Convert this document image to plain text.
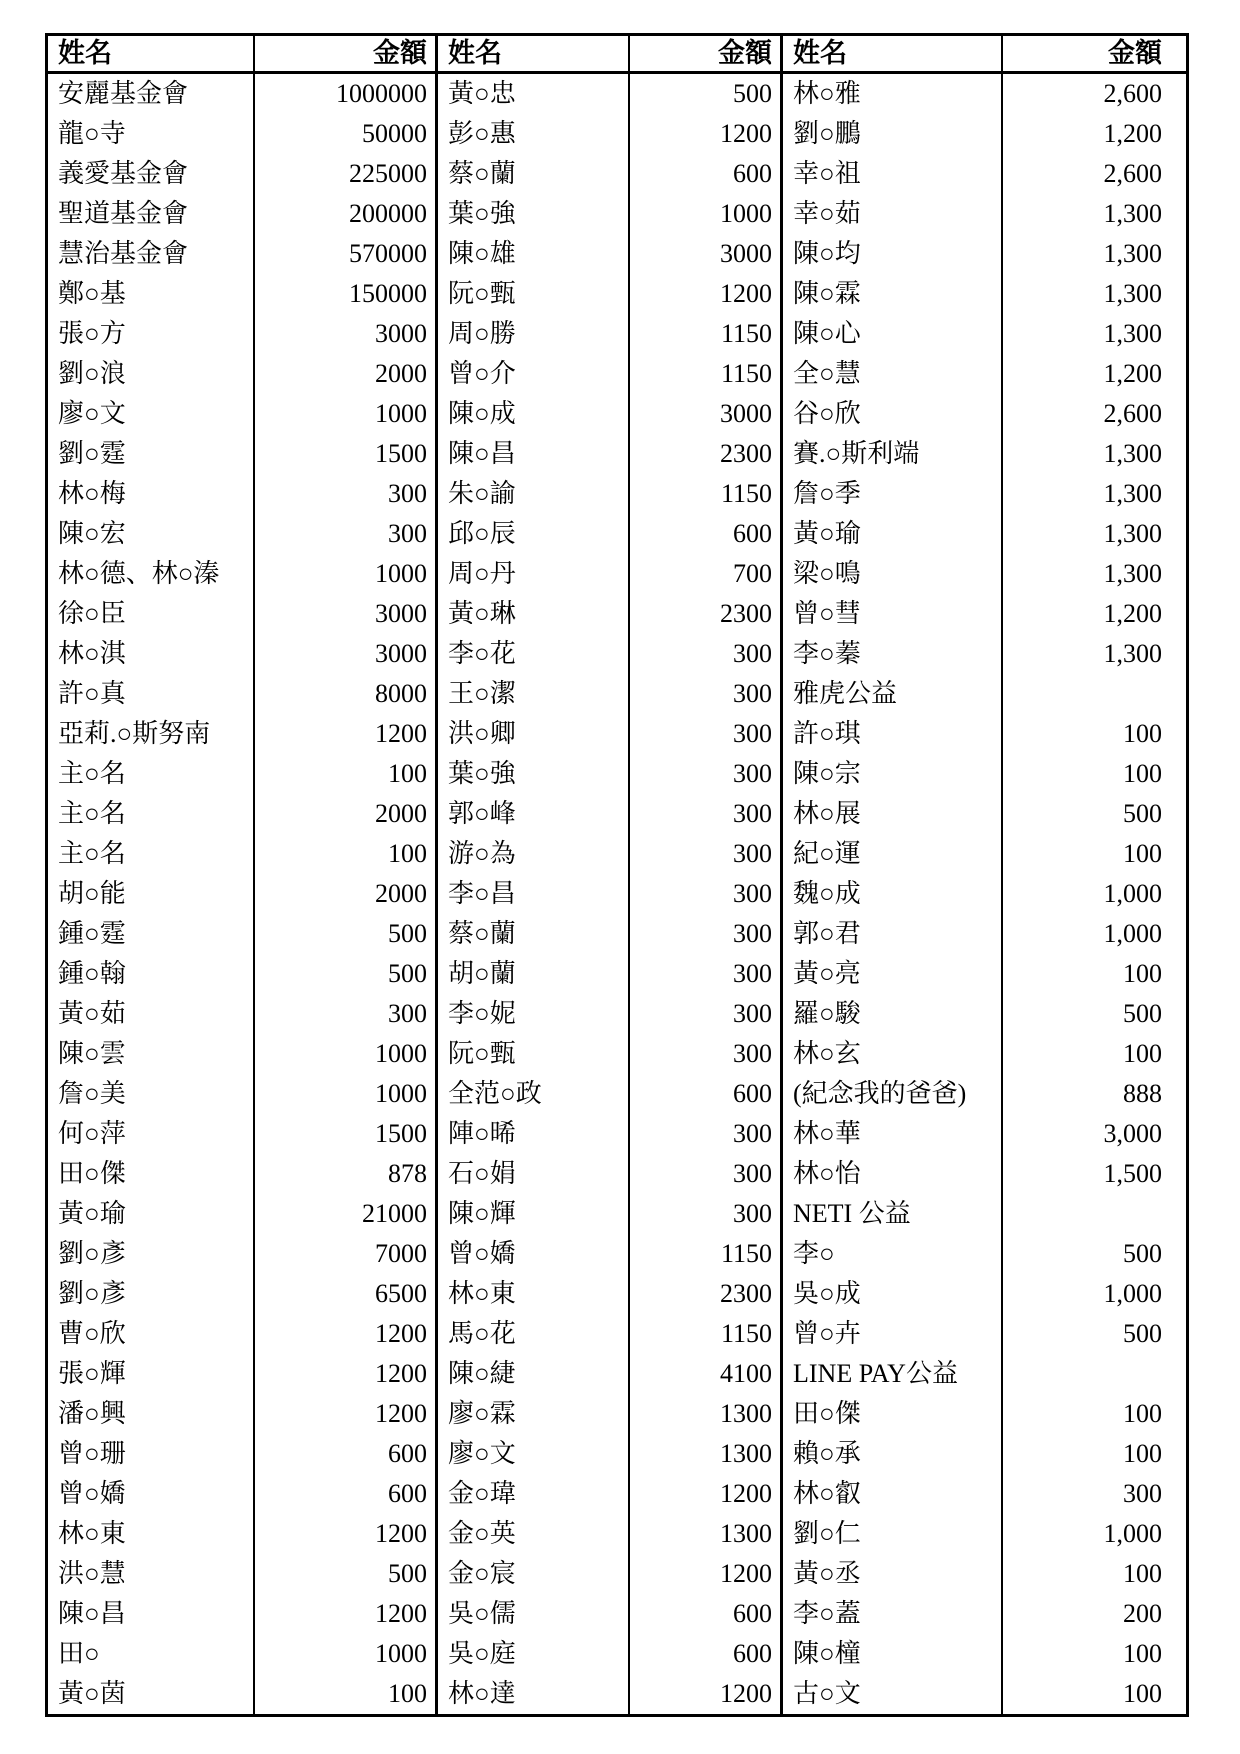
姓名	金額 姓名	金額 姓名	金額
安麗基金會	1000000 黃○忠	500 林○雅	2,600
龍○寺	50000 彭○惠	1200 劉○鵬	1,200
義愛基金會	225000 蔡○蘭	600 幸○祖	2,600
聖道基金會	200000 葉○強	1000 幸○茹	1,300
慧治基金會	570000 陳○雄	3000 陳○均	1,300
鄭○基	150000 阮○甄	1200 陳○霖	1,300
張○方	3000 周○勝	1150 陳○心	1,300
劉○浪	2000 曾○介	1150 全○慧	1,200
廖○文	1000 陳○成	3000 谷○欣	2,600
劉○霆	1500 陳○昌	2300 賽.○斯利端	1,300
林○梅	300 朱○諭	1150 詹○季	1,300
陳○宏	300 邱○辰	600 黃○瑜	1,300
林○德、林○溱	1000 周○丹	700 梁○鳴	1,300
徐○臣	3000 黃○琳	2300 曾○彗	1,200
林○淇	3000 李○花	300 李○蓁	1,300
許○真	8000 王○潔	300 雅虎公益
亞莉.○斯努南	1200 洪○卿	300 許○琪	100
主○名	100 葉○強	300 陳○宗	100
主○名	2000 郭○峰	300 林○展	500
主○名	100 游○為	300 紀○運	100
胡○能	2000 李○昌	300 魏○成	1,000
鍾○霆	500 蔡○蘭	300 郭○君	1,000
鍾○翰	500 胡○蘭	300 黃○亮	100
黃○茹	300 李○妮	300 羅○駿	500
陳○雲	1000 阮○甄	300 林○玄	100
詹○美	1000 全范○政	600 (紀念我的爸爸)	888
何○萍	1500 陣○晞	300 林○華	3,000
田○傑	878 石○娟	300 林○怡	1,500
黃○瑜	21000 陳○輝	300 NETI 公益
劉○彥	7000 曾○嬌	1150 李○	500
劉○彥	6500 林○東	2300 吳○成	1,000
曹○欣	1200 馬○花	1150 曾○卉	500
張○輝	1200 陳○緁	4100 LINE PAY公益
潘○興	1200 廖○霖	1300 田○傑	100
曾○珊	600 廖○文	1300 賴○承	100
曾○嬌	600 金○瑋	1200 林○叡	300
林○東	1200 金○英	1300 劉○仁	1,000
洪○慧	500 金○宸	1200 黃○丞	100
陳○昌	1200 吳○儒	600 李○蓋	200
田○	1000 吳○庭	600 陳○橦	100
黃○茵	100 林○達	1200 古○文	100
